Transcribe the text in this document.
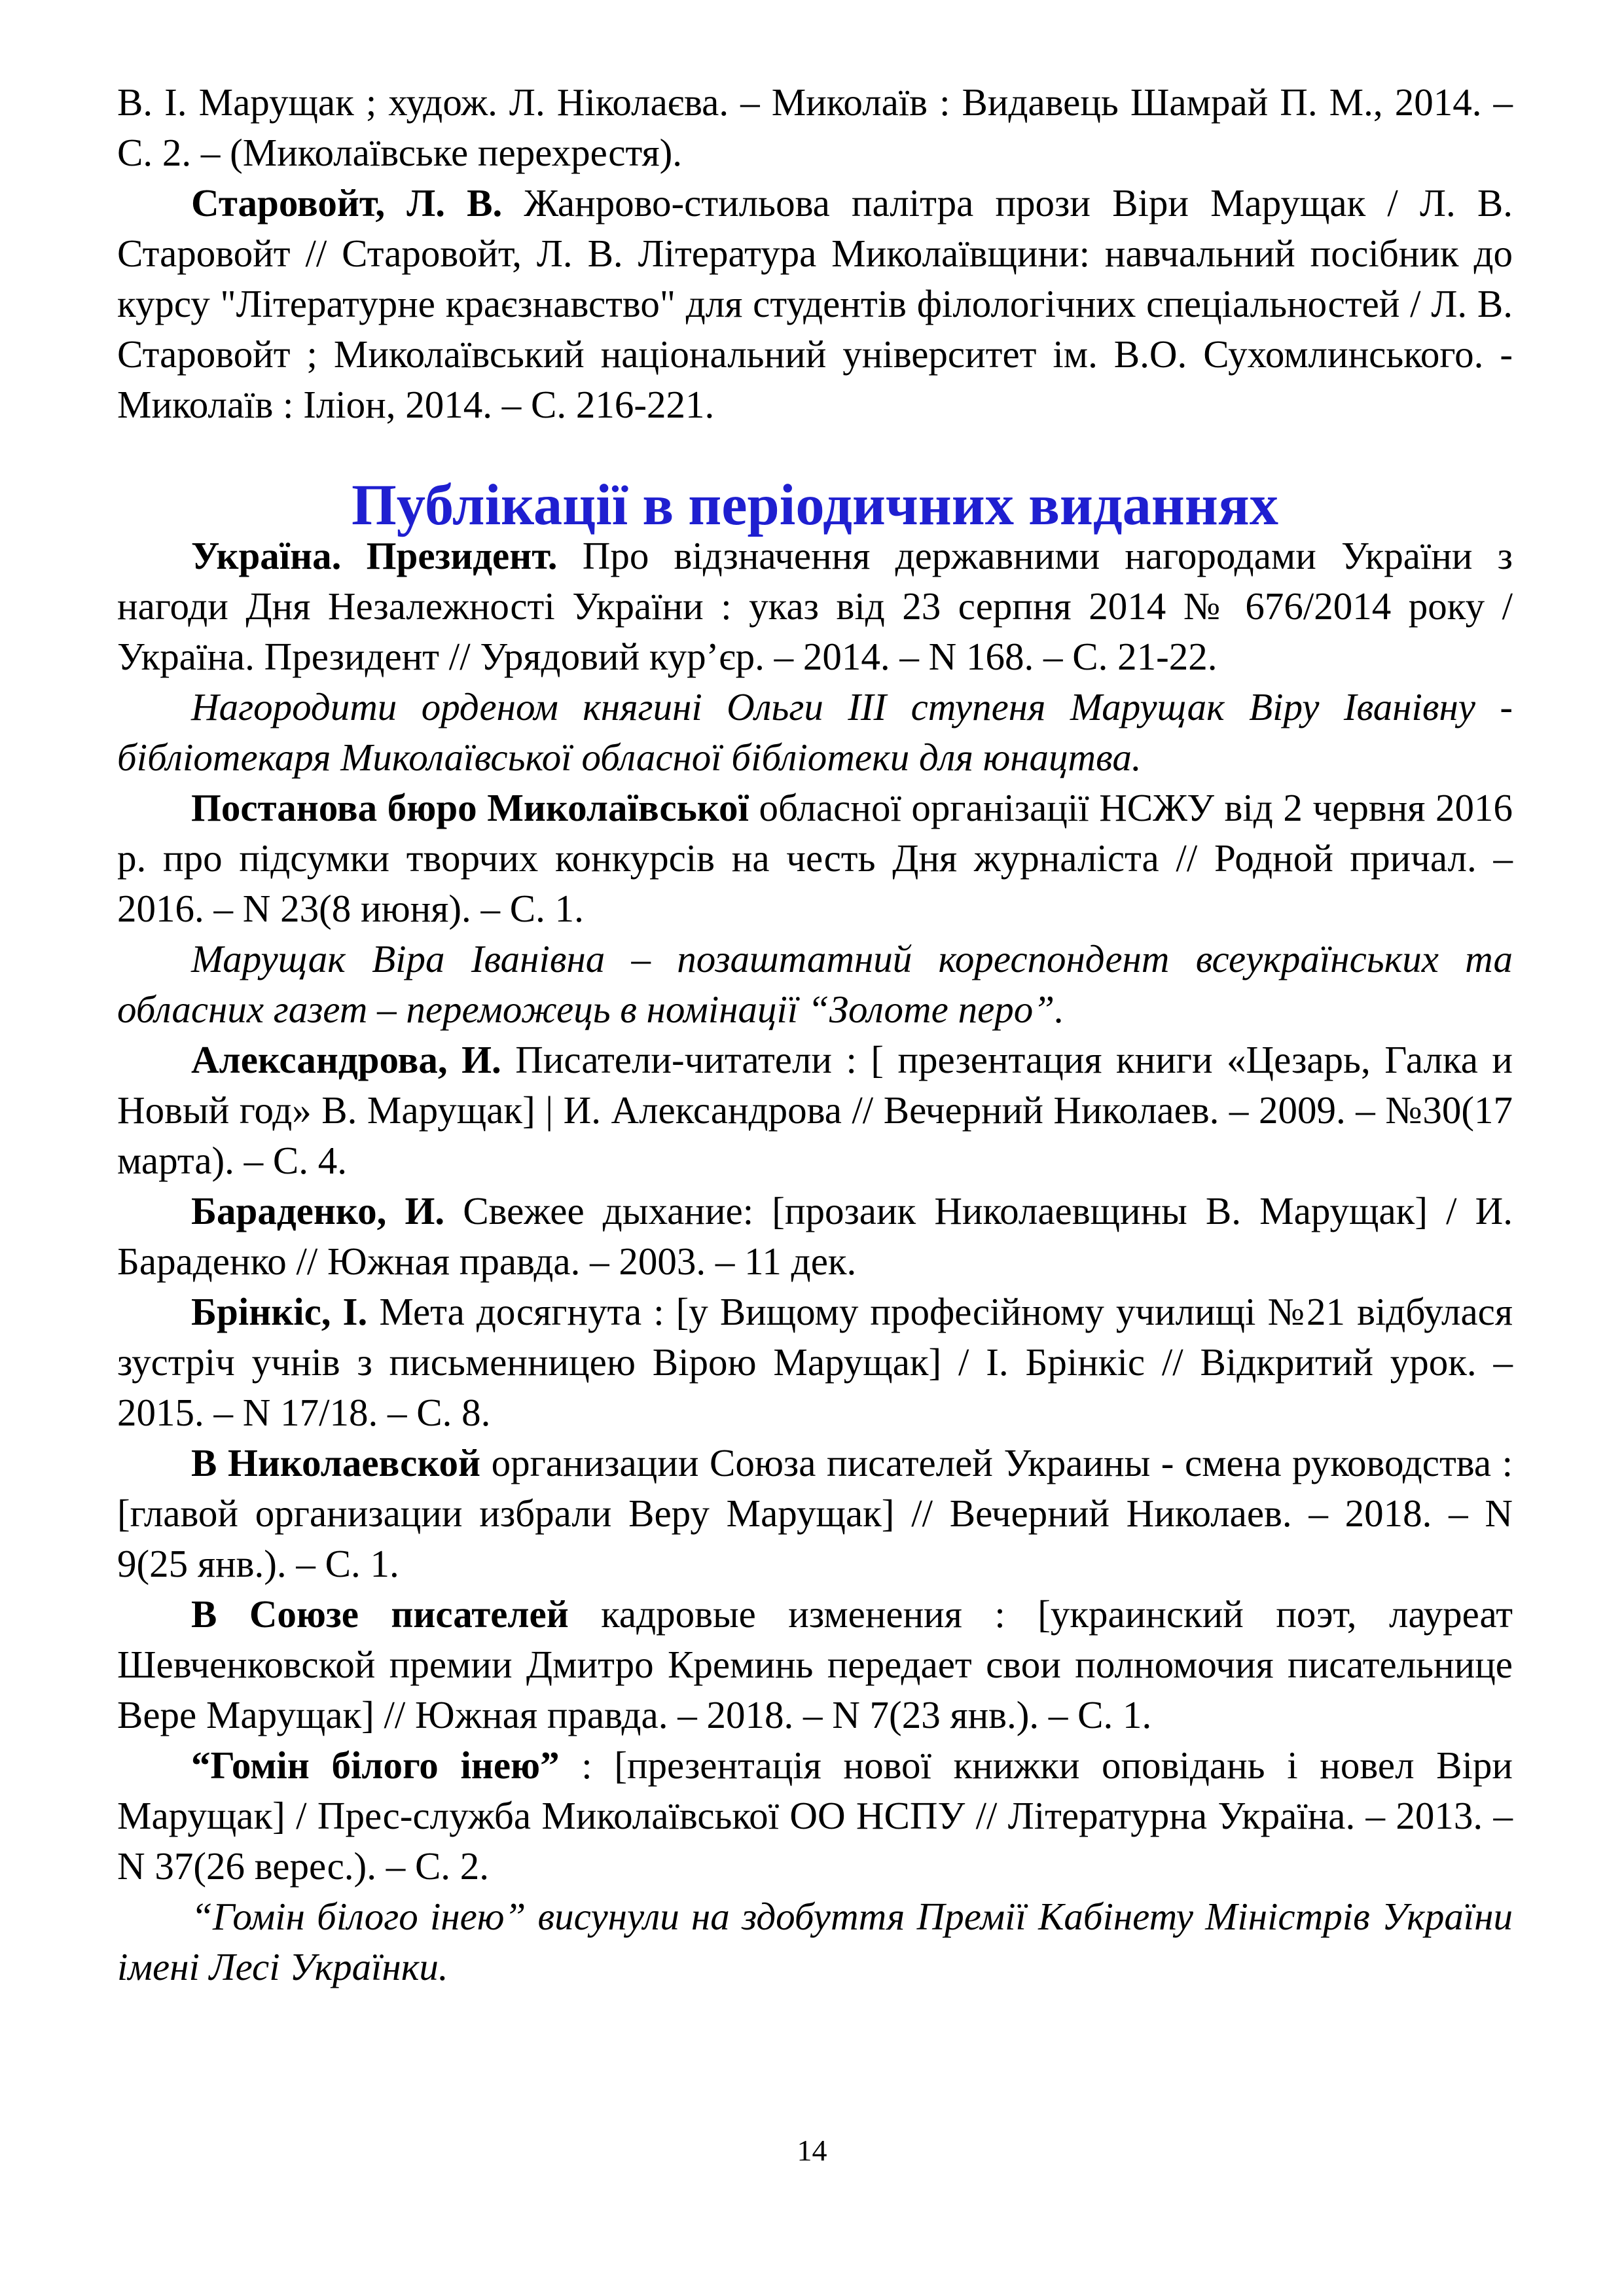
В. І. Марущак ; худож. Л. Ніколаєва. – Миколаїв : Видавець Шамрай П. М., 2014. – С. 2. – (Миколаївське перехрестя).

Старовойт, Л. В. Жанрово-стильова палітра прози Віри Марущак / Л. В. Старовойт // Старовойт, Л. В. Література Миколаївщини: навчальний посібник до курсу "Літературне краєзнавство" для студентів філологічних спеціальностей / Л. В. Старовойт ; Миколаївський національний університет ім. В.О. Сухомлинського. - Миколаїв : Іліон, 2014. – С. 216-221.

Публікації в періодичних виданнях

Україна. Президент. Про відзначення державними нагородами України з нагоди Дня Незалежності України : указ від 23 серпня 2014 № 676/2014 року / Україна. Президент // Урядовий кур’єр. – 2014. – N 168. – С. 21-22.

Нагородити орденом княгині Ольги ІІІ ступеня Марущак Віру Іванівну - бібліотекаря Миколаївської обласної бібліотеки для юнацтва.

Постанова бюро Миколаївської обласної організації НСЖУ від 2 червня 2016 р. про підсумки творчих конкурсів на честь Дня журналіста // Родной причал. – 2016. – N 23(8 июня). – С. 1.

Марущак Віра Іванівна – позаштатний кореспондент всеукраїнських та обласних газет – переможець в номінації “Золоте перо”.

Александрова, И. Писатели-читатели : [ презентация книги «Цезарь, Галка и Новый год» В. Марущак] | И. Александрова // Вечерний Николаев. – 2009. – №30(17 марта). – С. 4.

Бараденко, И. Свежее дыхание: [прозаик Николаевщины В. Марущак] / И. Бараденко // Южная правда. – 2003. – 11 дек.

Брінкіс, І. Мета досягнута : [у Вищому професійному училищі №21 відбулася зустріч учнів з письменницею Вірою Марущак] / І. Брінкіс // Відкритий урок. – 2015. – N 17/18. – С. 8.

В Николаевской организации Союза писателей Украины - смена руководства : [главой организации избрали Веру Марущак] // Вечерний Николаев. – 2018. – N 9(25 янв.). – С. 1.

В Союзе писателей кадровые изменения : [украинский поэт, лауреат Шевченковской премии Дмитро Креминь передает свои полномочия писательнице Вере Марущак] // Южная правда. – 2018. – N 7(23 янв.). – С. 1.

“Гомін білого інею” : [презентація нової книжки оповідань і новел Віри Марущак] / Прес-служба Миколаївської ОО НСПУ // Літературна Україна. – 2013. – N 37(26 верес.). – С. 2.

“Гомін білого інею” висунули на здобуття Премії Кабінету Міністрів України імені Лесі Українки.

14
